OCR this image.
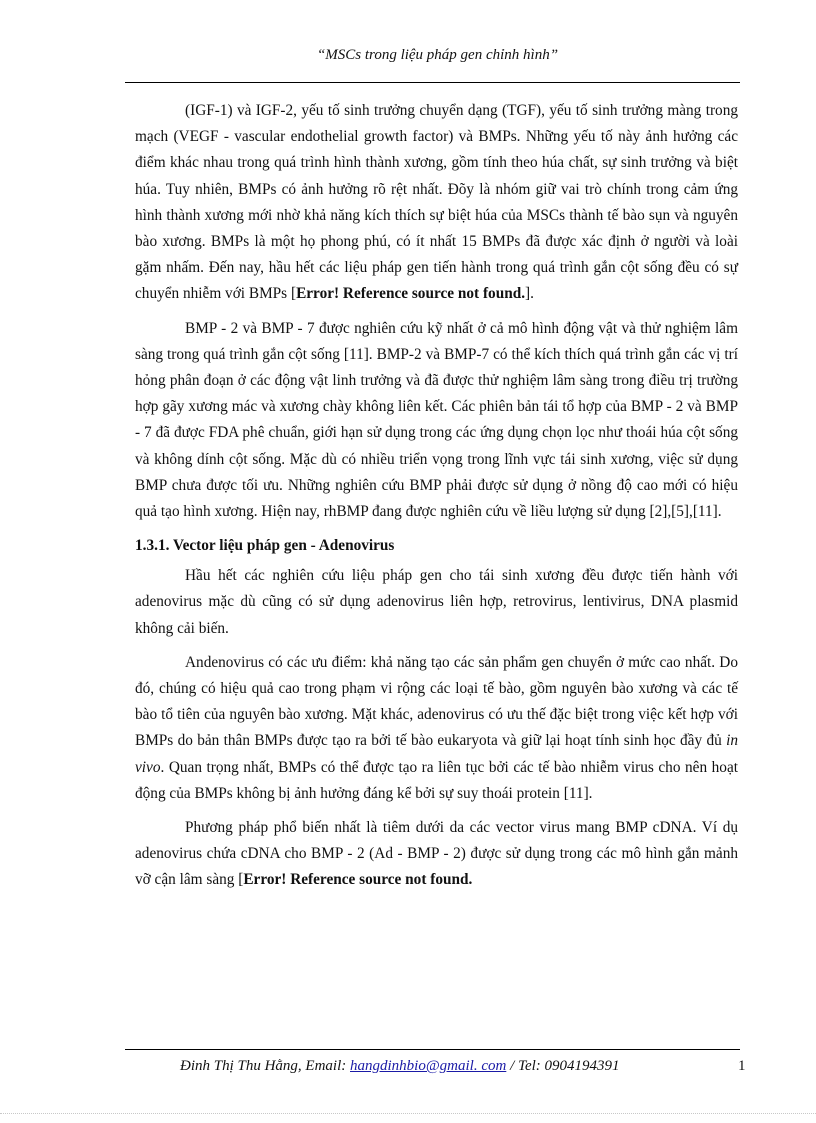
“MSCs trong liệu pháp gen chỉnh hình”

(IGF-1) và IGF-2, yếu tố sinh trưởng chuyển dạng (TGF), yếu tố sinh trưởng màng trong mạch (VEGF - vascular endothelial growth factor) và BMPs. Những yếu tố này ảnh hưởng các điểm khác nhau trong quá trình hình thành xương, gồm tính theo húa chất, sự sinh trưởng và biệt húa. Tuy nhiên, BMPs có ảnh hưởng rõ rệt nhất. Đõy là nhóm giữ vai trò chính trong cảm ứng hình thành xương mới nhờ khả năng kích thích sự biệt húa của MSCs thành tế bào sụn và nguyên bào xương. BMPs là một họ phong phú, có ít nhất 15 BMPs đã được xác định ở người và loài gặm nhấm. Đến nay, hầu hết các liệu pháp gen tiến hành trong quá trình gắn cột sống đều có sự chuyển nhiễm với BMPs [Error! Reference source not found.].

BMP - 2 và BMP - 7 được nghiên cứu kỹ nhất ở cả mô hình động vật và thử nghiệm lâm sàng trong quá trình gắn cột sống [11]. BMP-2 và BMP-7 có thể kích thích quá trình gắn các vị trí hỏng phân đoạn ở các động vật linh trưởng và đã được thử nghiệm lâm sàng trong điều trị trường hợp gãy xương mác và xương chày không liên kết. Các phiên bản tái tổ hợp của BMP - 2 và BMP - 7 đã được FDA phê chuẩn, giới hạn sử dụng trong các ứng dụng chọn lọc như thoái húa cột sống và không dính cột sống. Mặc dù có nhiều triển vọng trong lĩnh vực tái sinh xương, việc sử dụng BMP chưa được tối ưu. Những nghiên cứu BMP phải được sử dụng ở nồng độ cao mới có hiệu quả tạo hình xương. Hiện nay, rhBMP đang được nghiên cứu về liều lượng sử dụng [2],[5],[11].

1.3.1. Vector liệu pháp gen - Adenovirus

Hầu hết các nghiên cứu liệu pháp gen cho tái sinh xương đều được tiến hành với adenovirus mặc dù cũng có sử dụng adenovirus liên hợp, retrovirus, lentivirus, DNA plasmid không cải biến.

Andenovirus có các ưu điểm: khả năng tạo các sản phẩm gen chuyển ở mức cao nhất. Do đó, chúng có hiệu quả cao trong phạm vi rộng các loại tế bào, gồm nguyên bào xương và các tế bào tổ tiên của nguyên bào xương. Mặt khác, adenovirus có ưu thế đặc biệt trong việc kết hợp với BMPs do bản thân BMPs được tạo ra bởi tế bào eukaryota và giữ lại hoạt tính sinh học đầy đủ in vivo. Quan trọng nhất, BMPs có thể được tạo ra liên tục bởi các tế bào nhiễm virus cho nên hoạt động của BMPs không bị ảnh hưởng đáng kể bởi sự suy thoái protein [11].

Phương pháp phổ biến nhất là tiêm dưới da các vector virus mang BMP cDNA. Ví dụ adenovirus chứa cDNA cho BMP - 2 (Ad - BMP - 2) được sử dụng trong các mô hình gắn mảnh vỡ cận lâm sàng [Error! Reference source not found.

Đinh Thị Thu Hằng, Email: hangdinhbio@gmail. com / Tel: 0904194391	1
